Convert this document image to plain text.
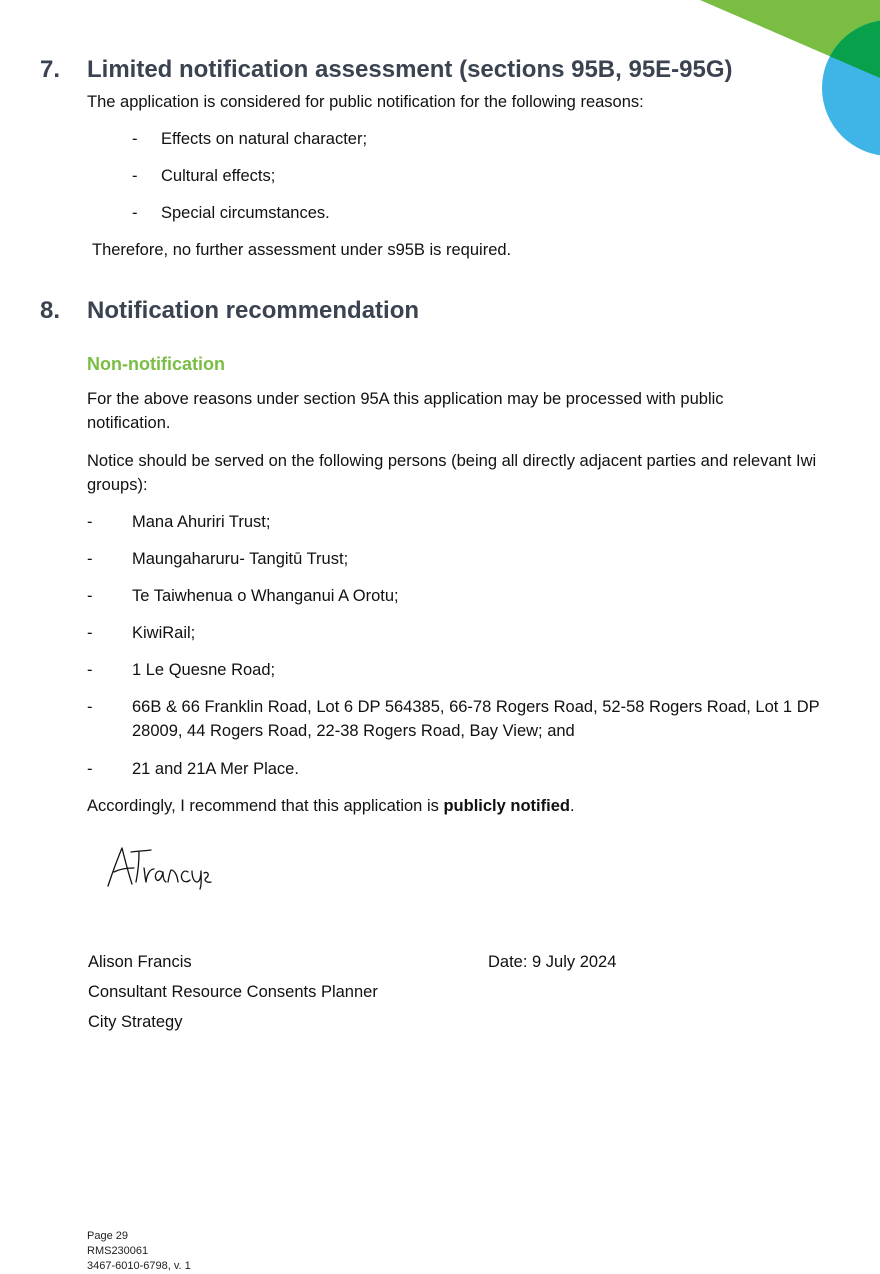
7. Limited notification assessment (sections 95B, 95E-95G)
The application is considered for public notification for the following reasons:
- Effects on natural character;
- Cultural effects;
- Special circumstances.
Therefore, no further assessment under s95B is required.
8. Notification recommendation
Non-notification
For the above reasons under section 95A this application may be processed with public notification.
Notice should be served on the following persons (being all directly adjacent parties and relevant Iwi groups):
- Mana Ahuriri Trust;
- Maungaharuru- Tangitū Trust;
- Te Taiwhenua o Whanganui A Orotu;
- KiwiRail;
- 1 Le Quesne Road;
- 66B & 66 Franklin Road, Lot 6 DP 564385, 66-78 Rogers Road, 52-58 Rogers Road, Lot 1 DP 28009, 44 Rogers Road, 22-38 Rogers Road, Bay View; and
- 21 and 21A Mer Place.
Accordingly, I recommend that this application is publicly notified.
Alison Francis	Date: 9 July 2024
Consultant Resource Consents Planner
City Strategy
Page 29
RMS230061
3467-6010-6798, v. 1
